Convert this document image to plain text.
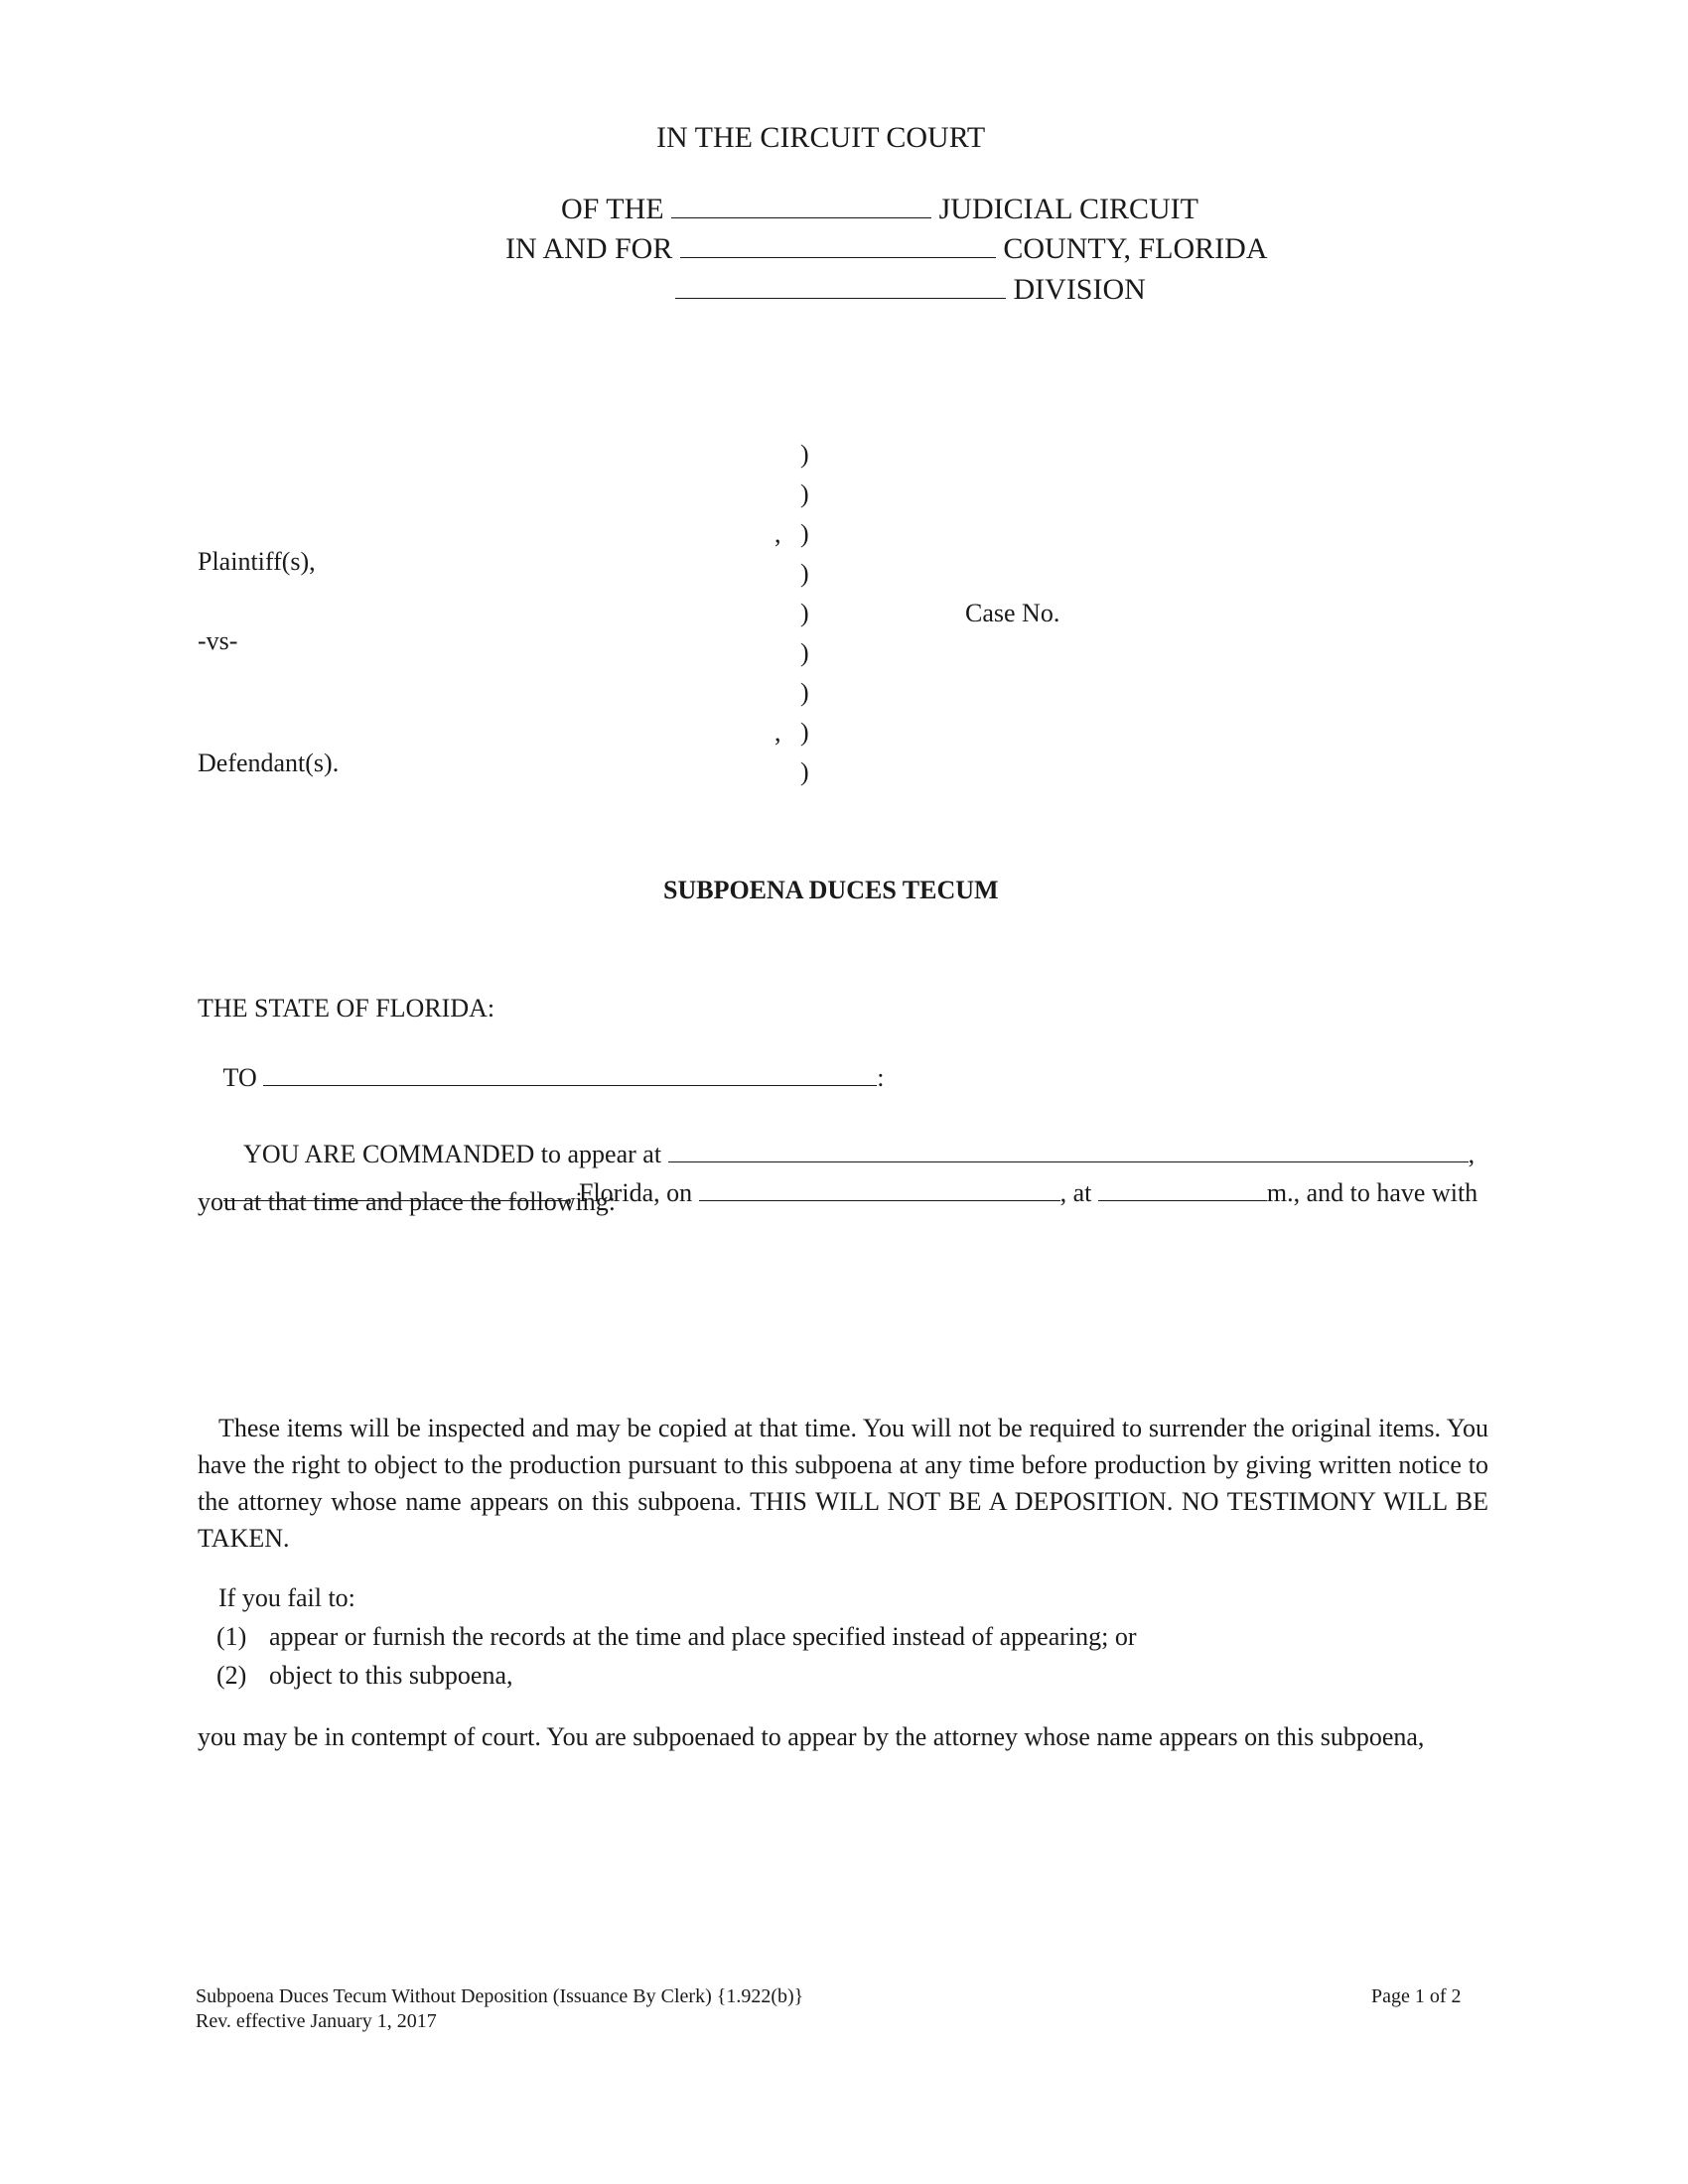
IN THE CIRCUIT COURT

OF THE	JUDICIAL CIRCUIT

IN AND FOR	COUNTY, FLORIDA

DIVISION

)
)
, )
)
)
)
)
, )
)
Plaintiff(s),
-vs-
Defendant(s).
Case No.
SUBPOENA DUCES TECUM
THE STATE OF FLORIDA:

TO	:

YOU ARE COMMANDED to appear at	,

, Florida, on	, at	m., and to have with

you at that time and place the following:
These items will be inspected and may be copied at that time. You will not be required to surrender the original items. You have the right to object to the production pursuant to this subpoena at any time before production by giving written notice to the attorney whose name appears on this subpoena. THIS WILL NOT BE A DEPOSITION. NO TESTIMONY WILL BE TAKEN.
If you fail to:
(1) appear or furnish the records at the time and place specified instead of appearing; or
(2) object to this subpoena,
you may be in contempt of court. You are subpoenaed to appear by the attorney whose name appears on this subpoena,
Subpoena Duces Tecum Without Deposition (Issuance By Clerk) {1.922(b)}
Rev. effective January 1, 2017
Page 1 of 2
